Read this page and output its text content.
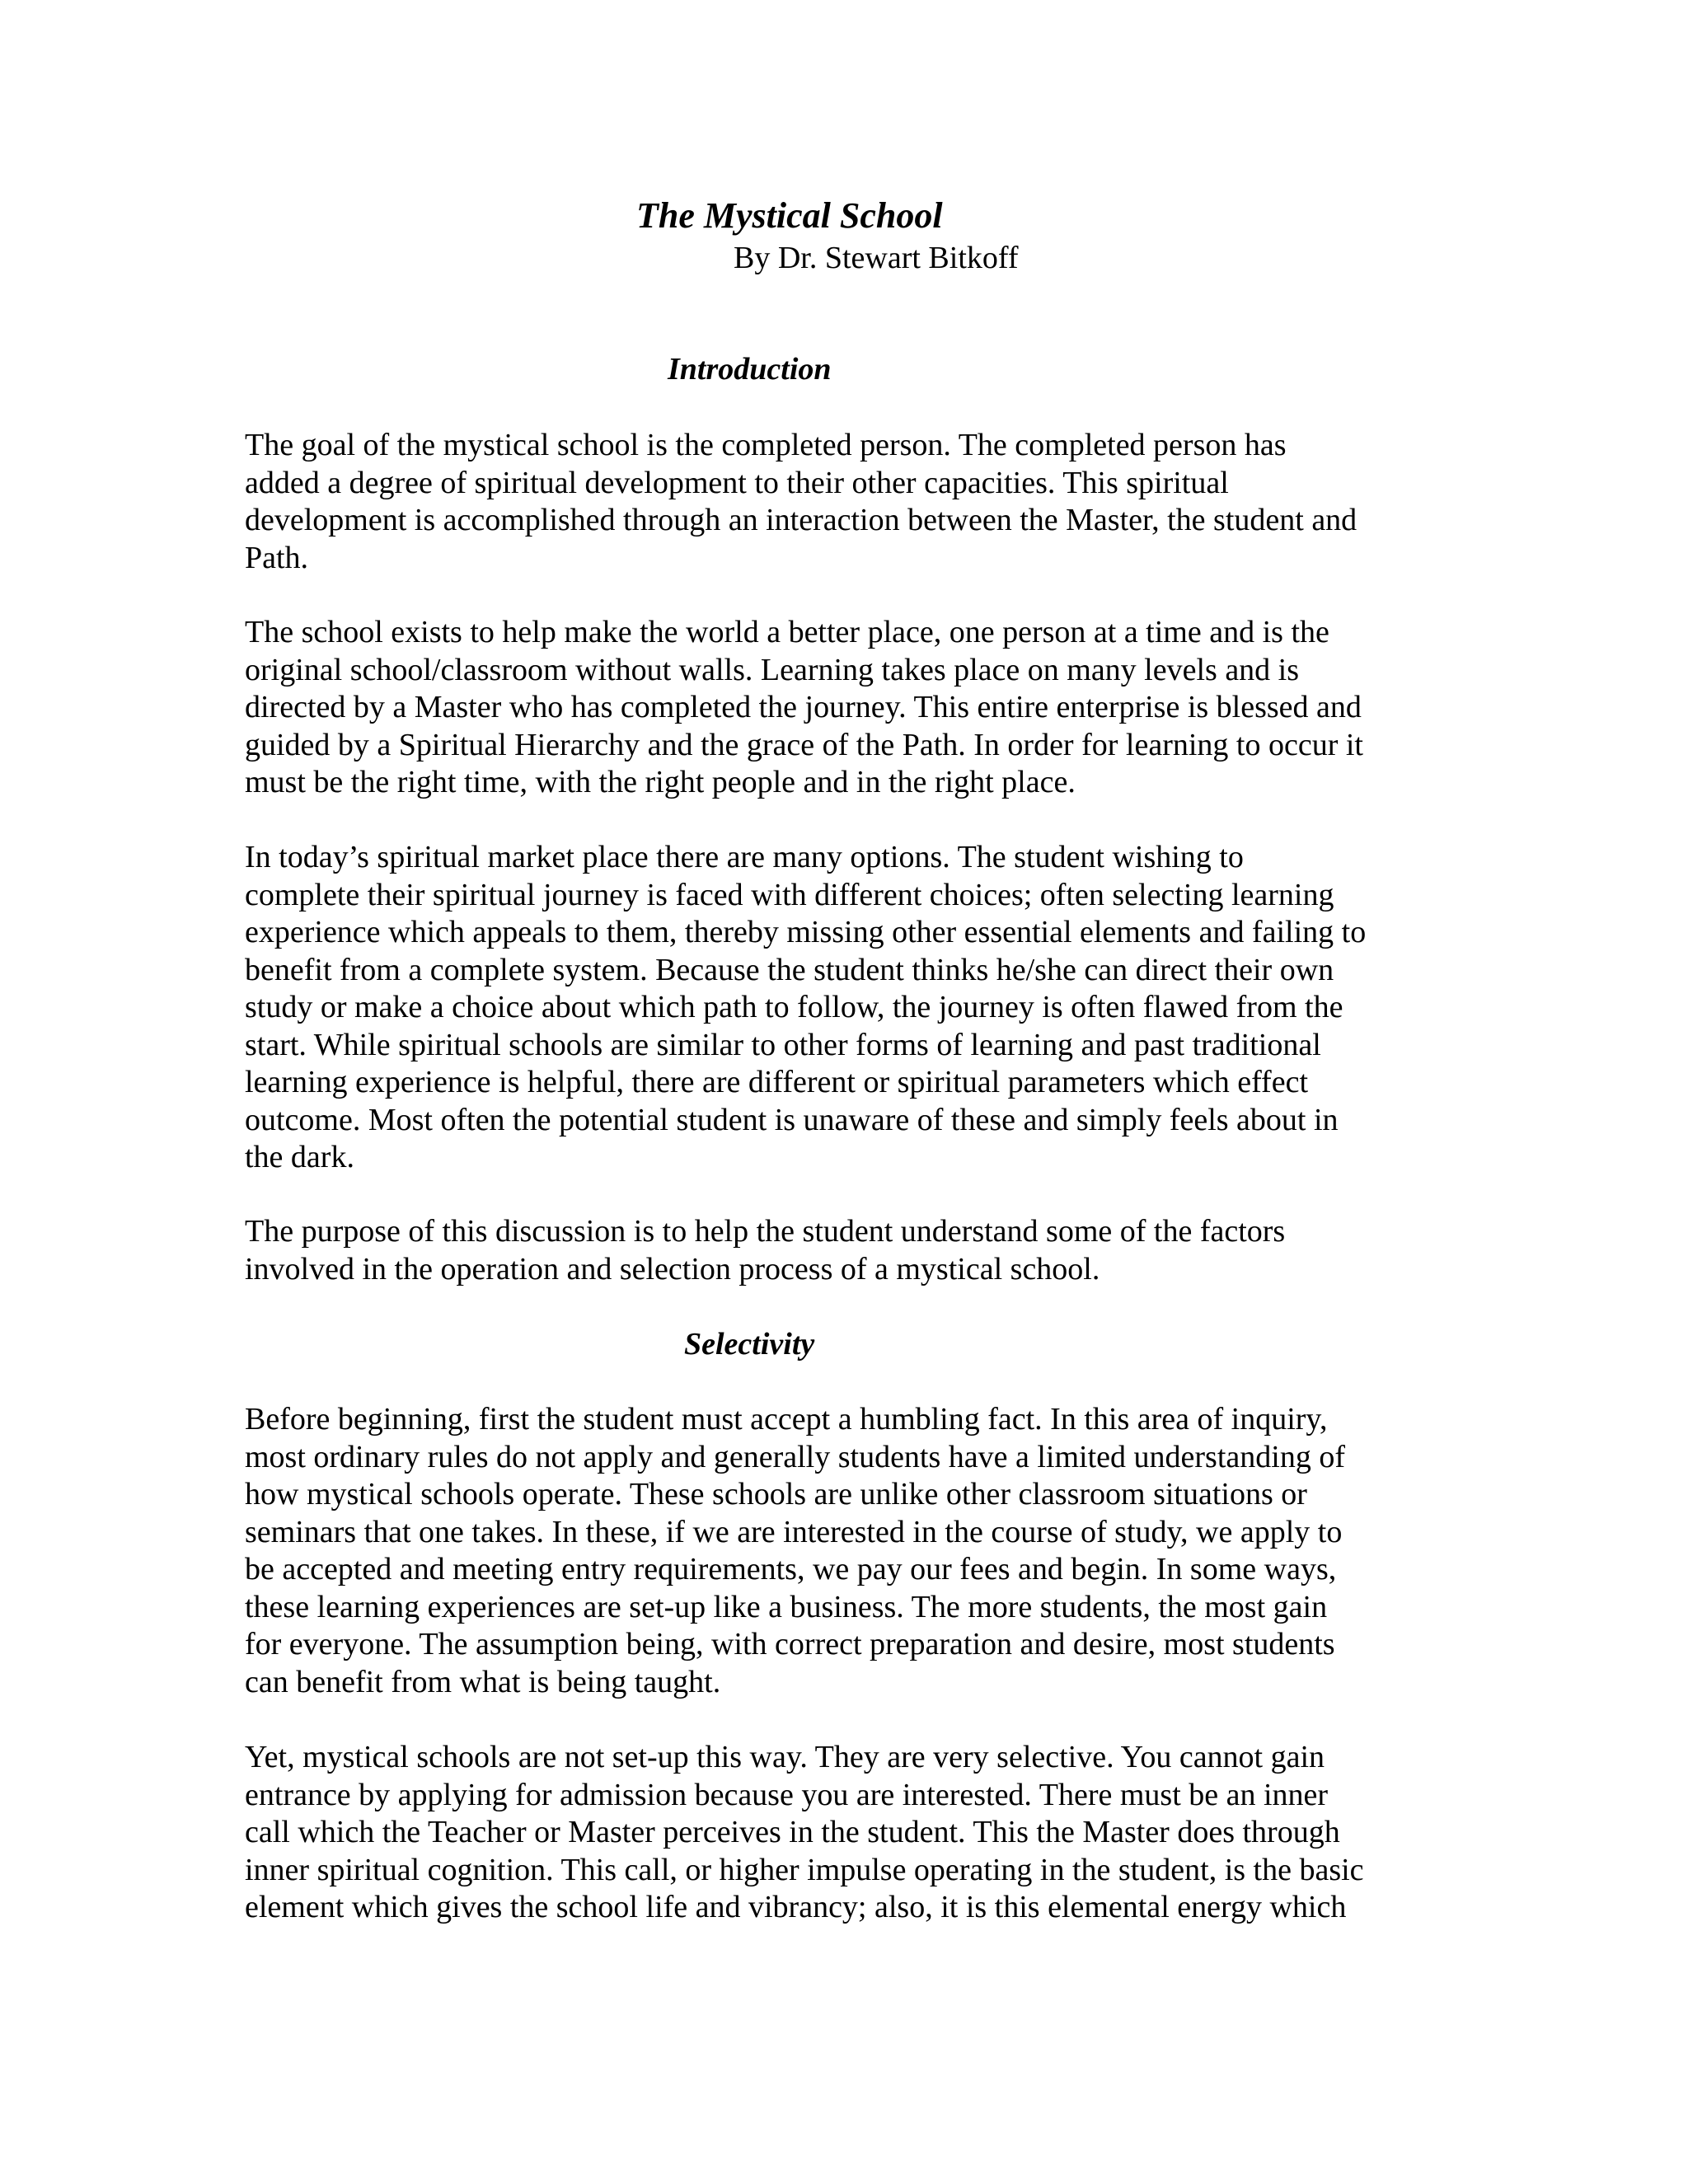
The Mystical School
By Dr. Stewart Bitkoff
Introduction

The goal of the mystical school is the completed person. The completed person has
added a degree of spiritual development to their other capacities. This spiritual
development is accomplished through an interaction between the Master, the student and
Path.

The school exists to help make the world a better place, one person at a time and is the
original school/classroom without walls. Learning takes place on many levels and is
directed by a Master who has completed the journey. This entire enterprise is blessed and
guided by a Spiritual Hierarchy and the grace of the Path. In order for learning to occur it
must be the right time, with the right people and in the right place.

In today’s spiritual market place there are many options. The student wishing to
complete their spiritual journey is faced with different choices; often selecting learning
experience which appeals to them, thereby missing other essential elements and failing to
benefit from a complete system. Because the student thinks he/she can direct their own
study or make a choice about which path to follow, the journey is often flawed from the
start. While spiritual schools are similar to other forms of learning and past traditional
learning experience is helpful, there are different or spiritual parameters which effect
outcome. Most often the potential student is unaware of these and simply feels about in
the dark.

The purpose of this discussion is to help the student understand some of the factors
involved in the operation and selection process of a mystical school.

Selectivity

Before beginning, first the student must accept a humbling fact. In this area of inquiry,
most ordinary rules do not apply and generally students have a limited understanding of
how mystical schools operate. These schools are unlike other classroom situations or
seminars that one takes. In these, if we are interested in the course of study, we apply to
be accepted and meeting entry requirements, we pay our fees and begin. In some ways,
these learning experiences are set-up like a business. The more students, the most gain
for everyone. The assumption being, with correct preparation and desire, most students
can benefit from what is being taught.

Yet, mystical schools are not set-up this way. They are very selective. You cannot gain
entrance by applying for admission because you are interested. There must be an inner
call which the Teacher or Master perceives in the student. This the Master does through
inner spiritual cognition. This call, or higher impulse operating in the student, is the basic
element which gives the school life and vibrancy; also, it is this elemental energy which
